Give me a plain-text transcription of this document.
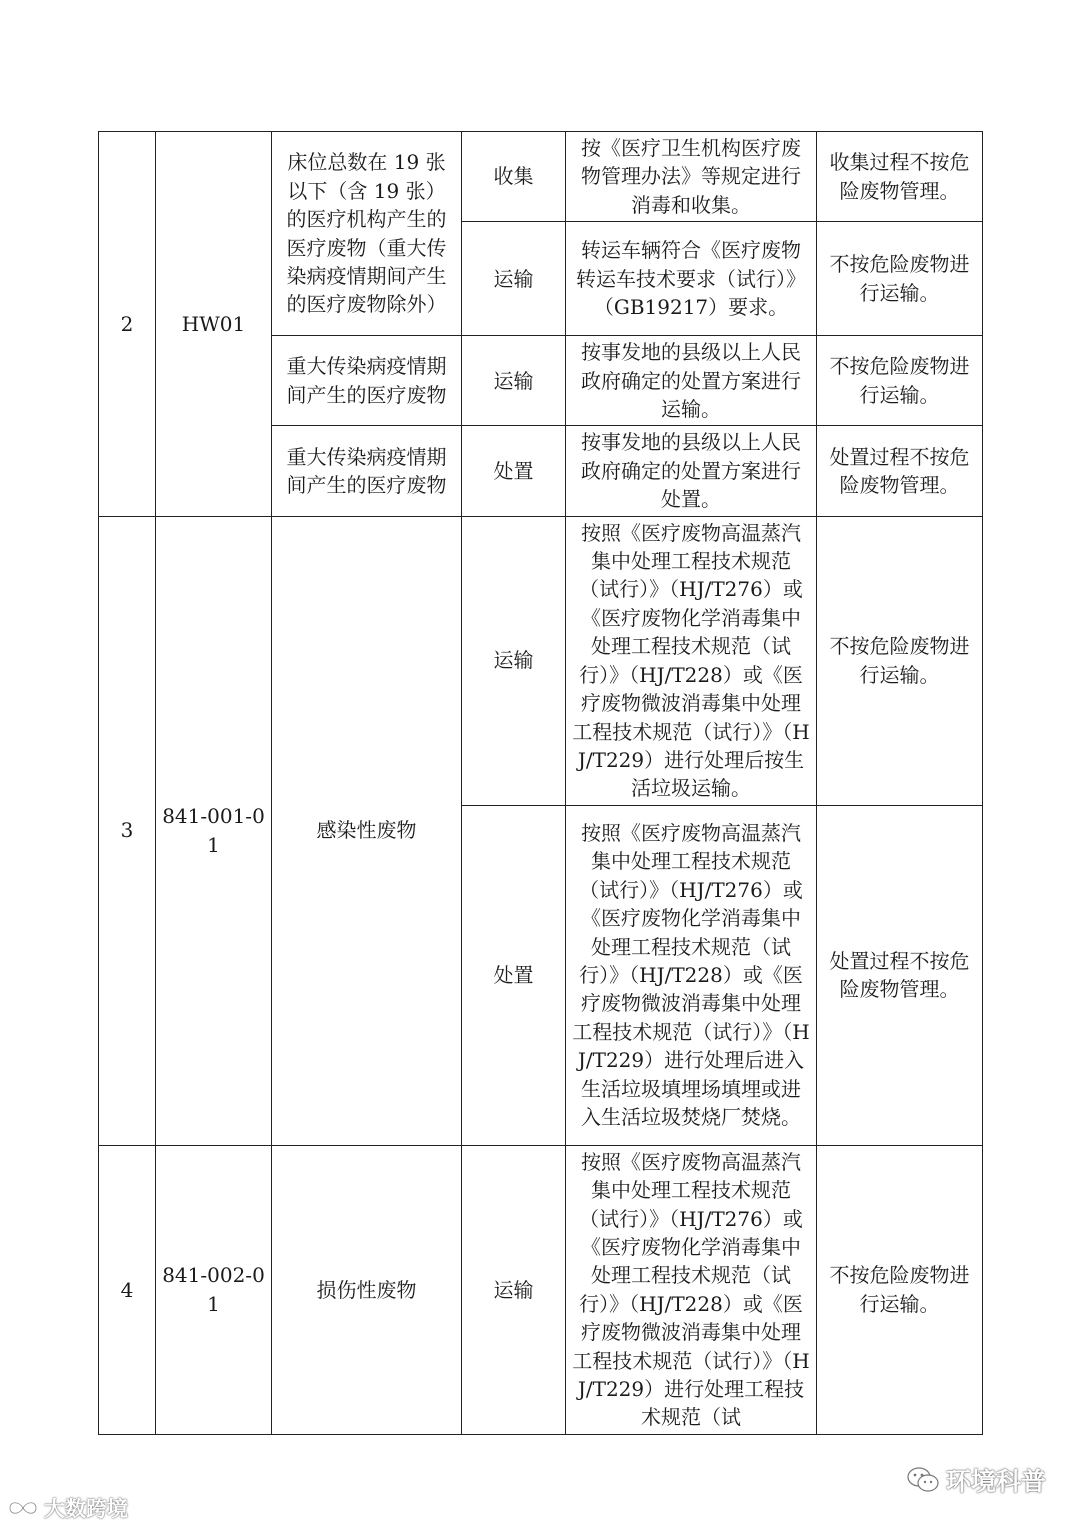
2	HW01	床位总数在 19 张以下（含 19 张）的医疗机构产生的医疗废物（重大传染病疫情期间产生的医疗废物除外）	收集	按《医疗卫生机构医疗废物管理办法》等规定进行消毒和收集。	收集过程不按危险废物管理。
			运输	转运车辆符合《医疗废物转运车技术要求（试行）》（GB19217）要求。	不按危险废物进行运输。
		重大传染病疫情期间产生的医疗废物	运输	按事发地的县级以上人民政府确定的处置方案进行运输。	不按危险废物进行运输。
		重大传染病疫情期间产生的医疗废物	处置	按事发地的县级以上人民政府确定的处置方案进行处置。	处置过程不按危险废物管理。
3	841-001-01	感染性废物	运输	按照《医疗废物高温蒸汽集中处理工程技术规范（试行）》（HJ/T276）或《医疗废物化学消毒集中处理工程技术规范（试行）》（HJ/T228）或《医疗废物微波消毒集中处理工程技术规范（试行）》（HJ/T229）进行处理后按生活垃圾运输。	不按危险废物进行运输。
			处置	按照《医疗废物高温蒸汽集中处理工程技术规范（试行）》（HJ/T276）或《医疗废物化学消毒集中处理工程技术规范（试行）》（HJ/T228）或《医疗废物微波消毒集中处理工程技术规范（试行）》（HJ/T229）进行处理后进入生活垃圾填埋场填埋或进入生活垃圾焚烧厂焚烧。	处置过程不按危险废物管理。
4	841-002-01	损伤性废物	运输	按照《医疗废物高温蒸汽集中处理工程技术规范（试行）》（HJ/T276）或《医疗废物化学消毒集中处理工程技术规范（试行）》（HJ/T228）或《医疗废物微波消毒集中处理工程技术规范（试行）》（HJ/T229）进行处理工程技术规范（试	不按危险废物进行运输。
大数跨境
环境科普
